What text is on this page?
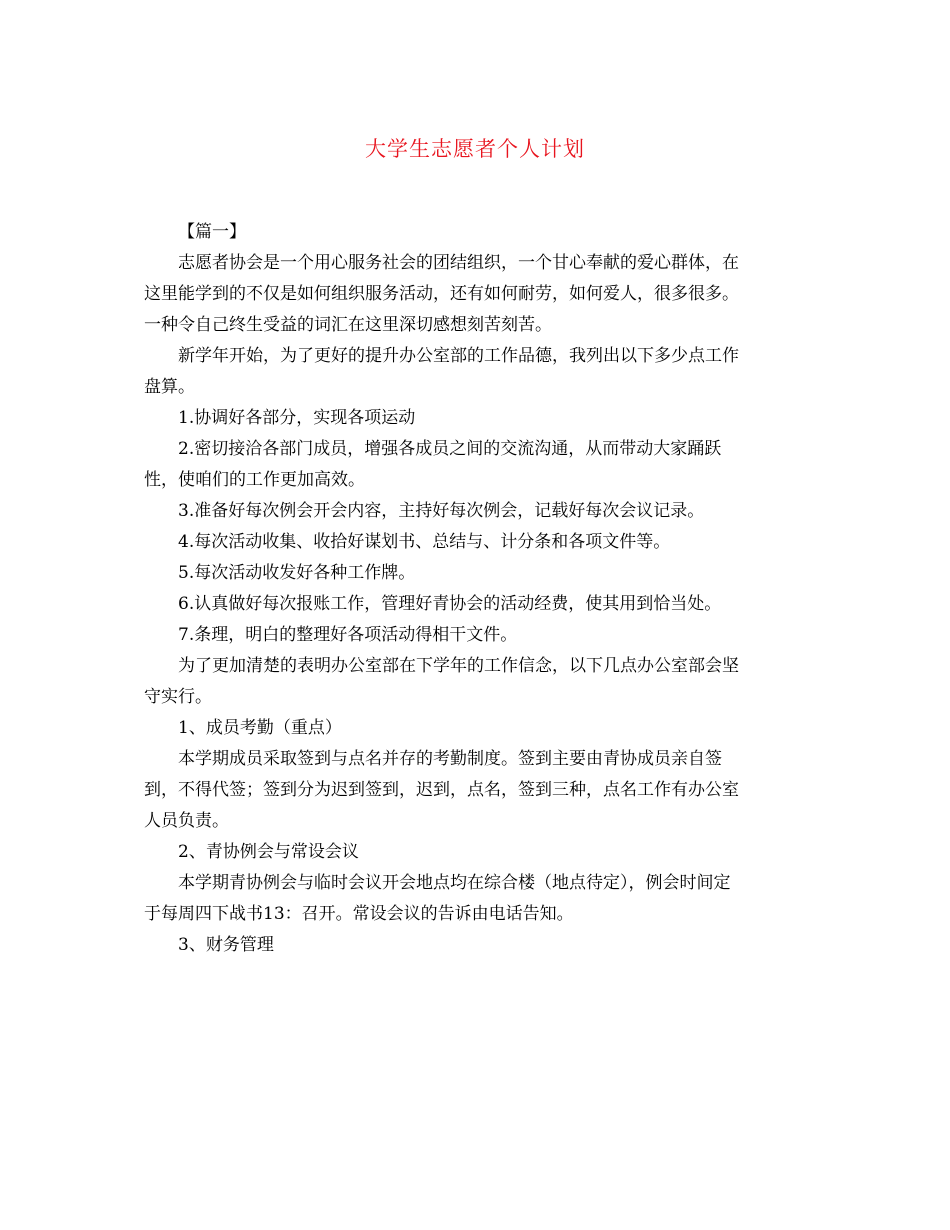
大学生志愿者个人计划
【篇一】
志愿者协会是一个用心服务社会的团结组织，一个甘心奉献的爱心群体，在
这里能学到的不仅是如何组织服务活动，还有如何耐劳，如何爱人，很多很多。
一种令自己终生受益的词汇在这里深切感想刻苦刻苦。
新学年开始，为了更好的提升办公室部的工作品德，我列出以下多少点工作
盘算。
1.协调好各部分，实现各项运动
2.密切接洽各部门成员，增强各成员之间的交流沟通，从而带动大家踊跃
性，使咱们的工作更加高效。
3.准备好每次例会开会内容，主持好每次例会，记载好每次会议记录。
4.每次活动收集、收拾好谋划书、总结与、计分条和各项文件等。
5.每次活动收发好各种工作牌。
6.认真做好每次报账工作，管理好青协会的活动经费，使其用到恰当处。
7.条理，明白的整理好各项活动得相干文件。
为了更加清楚的表明办公室部在下学年的工作信念，以下几点办公室部会坚
守实行。
1、成员考勤（重点）
本学期成员采取签到与点名并存的考勤制度。签到主要由青协成员亲自签
到，不得代签；签到分为迟到签到，迟到，点名，签到三种，点名工作有办公室
人员负责。
2、青协例会与常设会议
本学期青协例会与临时会议开会地点均在综合楼（地点待定），例会时间定
于每周四下战书13：召开。常设会议的告诉由电话告知。
3、财务管理
